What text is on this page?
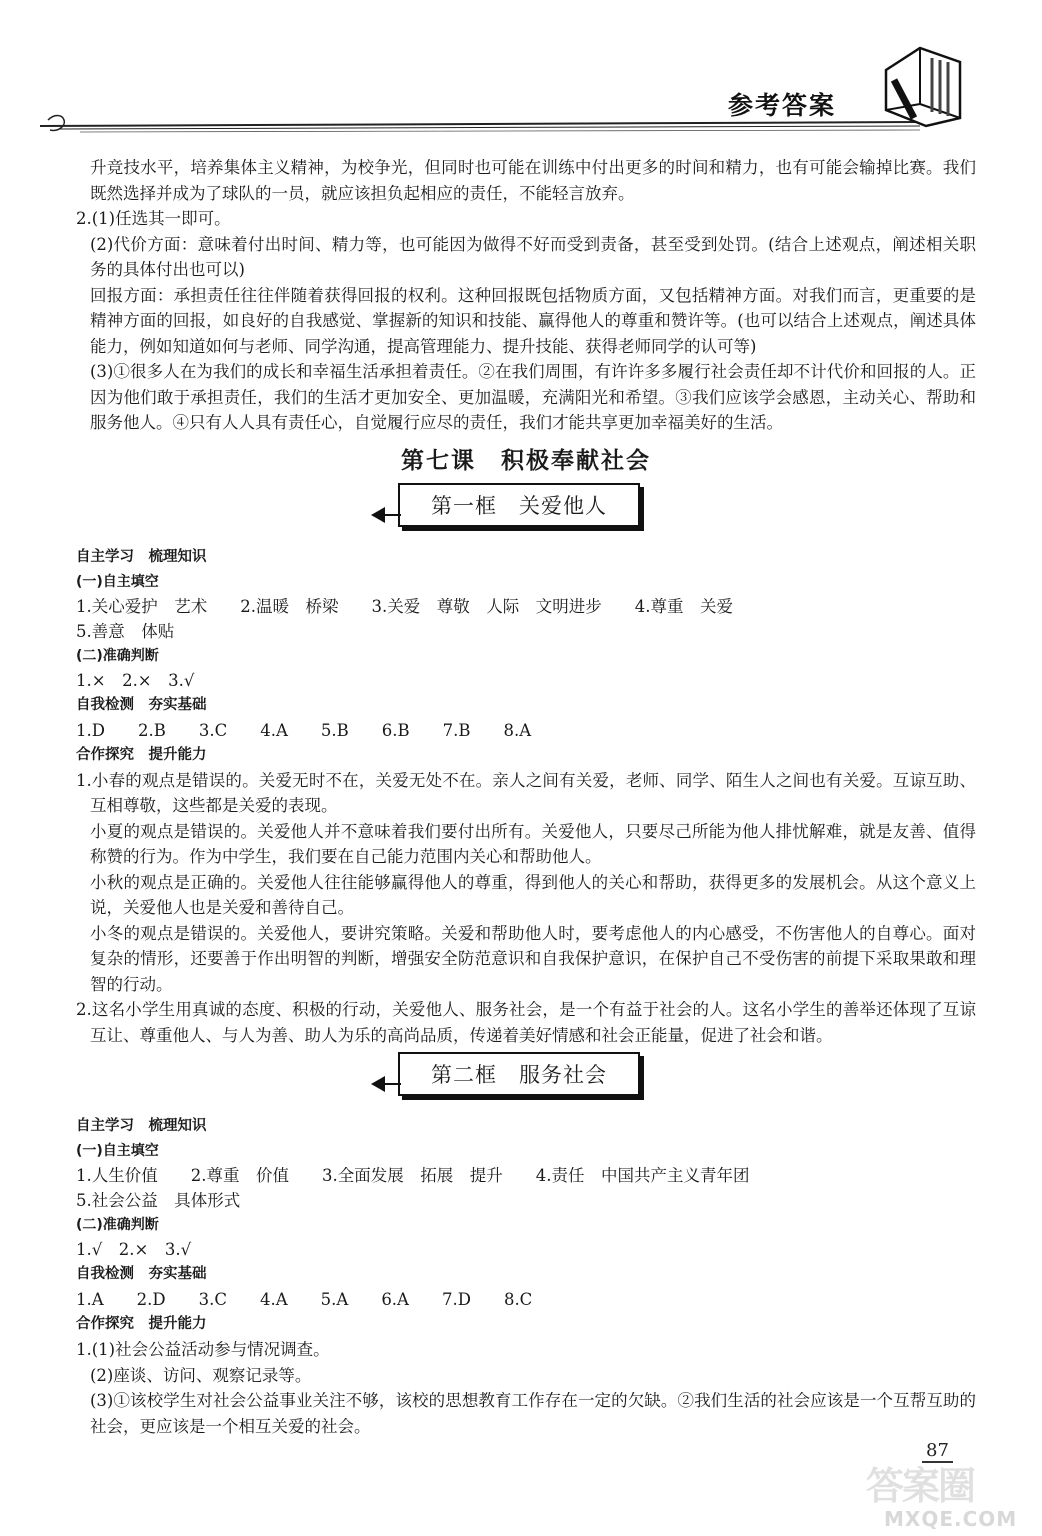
参考答案

升竞技水平，培养集体主义精神，为校争光，但同时也可能在训练中付出更多的时间和精力，也有可能会输掉比赛。我们既然选择并成为了球队的一员，就应该担负起相应的责任，不能轻言放弃。

2.(1)任选其一即可。

(2)代价方面：意味着付出时间、精力等，也可能因为做得不好而受到责备，甚至受到处罚。(结合上述观点，阐述相关职务的具体付出也可以)

回报方面：承担责任往往伴随着获得回报的权利。这种回报既包括物质方面，又包括精神方面。对我们而言，更重要的是精神方面的回报，如良好的自我感觉、掌握新的知识和技能、赢得他人的尊重和赞许等。(也可以结合上述观点，阐述具体能力，例如知道如何与老师、同学沟通，提高管理能力、提升技能、获得老师同学的认可等)

(3)①很多人在为我们的成长和幸福生活承担着责任。②在我们周围，有许许多多履行社会责任却不计代价和回报的人。正因为他们敢于承担责任，我们的生活才更加安全、更加温暖，充满阳光和希望。③我们应该学会感恩，主动关心、帮助和服务他人。④只有人人具有责任心，自觉履行应尽的责任，我们才能共享更加幸福美好的生活。

第七课　积极奉献社会
第一框　关爱他人

自主学习　梳理知识

(一)自主填空

1.关心爱护　艺术　　2.温暖　桥梁　　3.关爱　尊敬　人际　文明进步　　4.尊重　关爱

5.善意　体贴

(二)准确判断

1.×　2.×　3.√

自我检测　夯实基础

1.D　　2.B　　3.C　　4.A　　5.B　　6.B　　7.B　　8.A

合作探究　提升能力

1.小春的观点是错误的。关爱无时不在，关爱无处不在。亲人之间有关爱，老师、同学、陌生人之间也有关爱。互谅互助、互相尊敬，这些都是关爱的表现。

小夏的观点是错误的。关爱他人并不意味着我们要付出所有。关爱他人，只要尽己所能为他人排忧解难，就是友善、值得称赞的行为。作为中学生，我们要在自己能力范围内关心和帮助他人。

小秋的观点是正确的。关爱他人往往能够赢得他人的尊重，得到他人的关心和帮助，获得更多的发展机会。从这个意义上说，关爱他人也是关爱和善待自己。

小冬的观点是错误的。关爱他人，要讲究策略。关爱和帮助他人时，要考虑他人的内心感受，不伤害他人的自尊心。面对复杂的情形，还要善于作出明智的判断，增强安全防范意识和自我保护意识，在保护自己不受伤害的前提下采取果敢和理智的行动。

2.这名小学生用真诚的态度、积极的行动，关爱他人、服务社会，是一个有益于社会的人。这名小学生的善举还体现了互谅互让、尊重他人、与人为善、助人为乐的高尚品质，传递着美好情感和社会正能量，促进了社会和谐。

第二框　服务社会

自主学习　梳理知识

(一)自主填空

1.人生价值　　2.尊重　价值　　3.全面发展　拓展　提升　　4.责任　中国共产主义青年团

5.社会公益　具体形式

(二)准确判断

1.√　2.×　3.√

自我检测　夯实基础

1.A　　2.D　　3.C　　4.A　　5.A　　6.A　　7.D　　8.C

合作探究　提升能力

1.(1)社会公益活动参与情况调查。

(2)座谈、访问、观察记录等。

(3)①该校学生对社会公益事业关注不够，该校的思想教育工作存在一定的欠缺。②我们生活的社会应该是一个互帮互助的社会，更应该是一个相互关爱的社会。

87
答案圈
MXQE.COM
